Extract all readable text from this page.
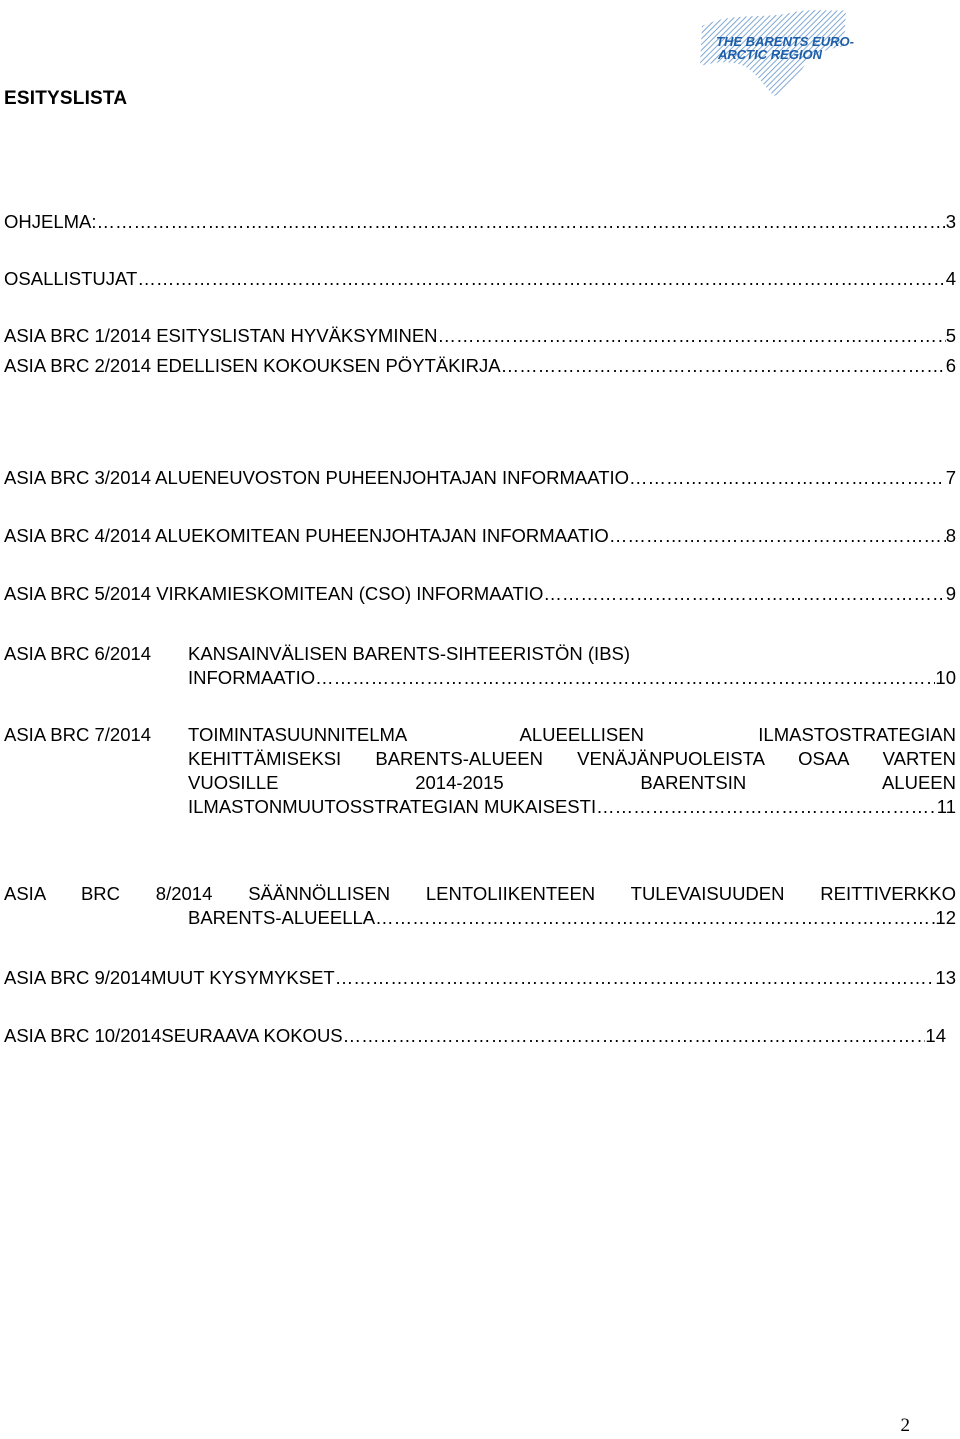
THE BARENTS EURO-
ARCTIC REGION
ESITYSLISTA
OHJELMA: ……………………………………………………………………………………………………………………………………	3
OSALLISTUJAT ……………………………………………………………………………………………………………………………………	4
ASIA BRC 1/2014 ESITYSLISTAN HYVÄKSYMINEN ……………………………………………………………………………………………………………………………………	5
ASIA BRC 2/2014 EDELLISEN KOKOUKSEN PÖYTÄKIRJA ……………………………………………………………………………………………………………………………………	6
ASIA BRC 3/2014 ALUENEUVOSTON PUHEENJOHTAJAN INFORMAATIO ……………………………………………………………………………………………………………………………………	7
ASIA BRC 4/2014 ALUEKOMITEAN PUHEENJOHTAJAN INFORMAATIO ……………………………………………………………………………………………………………………………………	8
ASIA BRC 5/2014 VIRKAMIESKOMITEAN (CSO) INFORMAATIO ……………………………………………………………………………………………………………………………………	9
ASIA BRC 6/2014 KANSAINVÄLISEN BARENTS-SIHTEERISTÖN (IBS)
INFORMAATIO ……………………………………………………………………………………………………………………………………	10
ASIA BRC 7/2014 TOIMINTASUUNNITELMA ALUEELLISEN ILMASTOSTRATEGIAN
KEHITTÄMISEKSI BARENTS-ALUEEN VENÄJÄNPUOLEISTA OSAA VARTEN
VUOSILLE 2014-2015 BARENTSIN ALUEEN
ILMASTONMUUTOSSTRATEGIAN MUKAISESTI ……………………………………………………………………………………………………………………………………	11
ASIA BRC 8/2014 SÄÄNNÖLLISEN LENTOLIIKENTEEN TULEVAISUUDEN REITTIVERKKO
BARENTS-ALUEELLA ……………………………………………………………………………………………………………………………………	12
ASIA BRC 9/2014 MUUT KYSYMYKSET ……………………………………………………………………………………………………………………………………	13
ASIA BRC 10/2014 SEURAAVA KOKOUS ……………………………………………………………………………………………………………………………………	14
2
